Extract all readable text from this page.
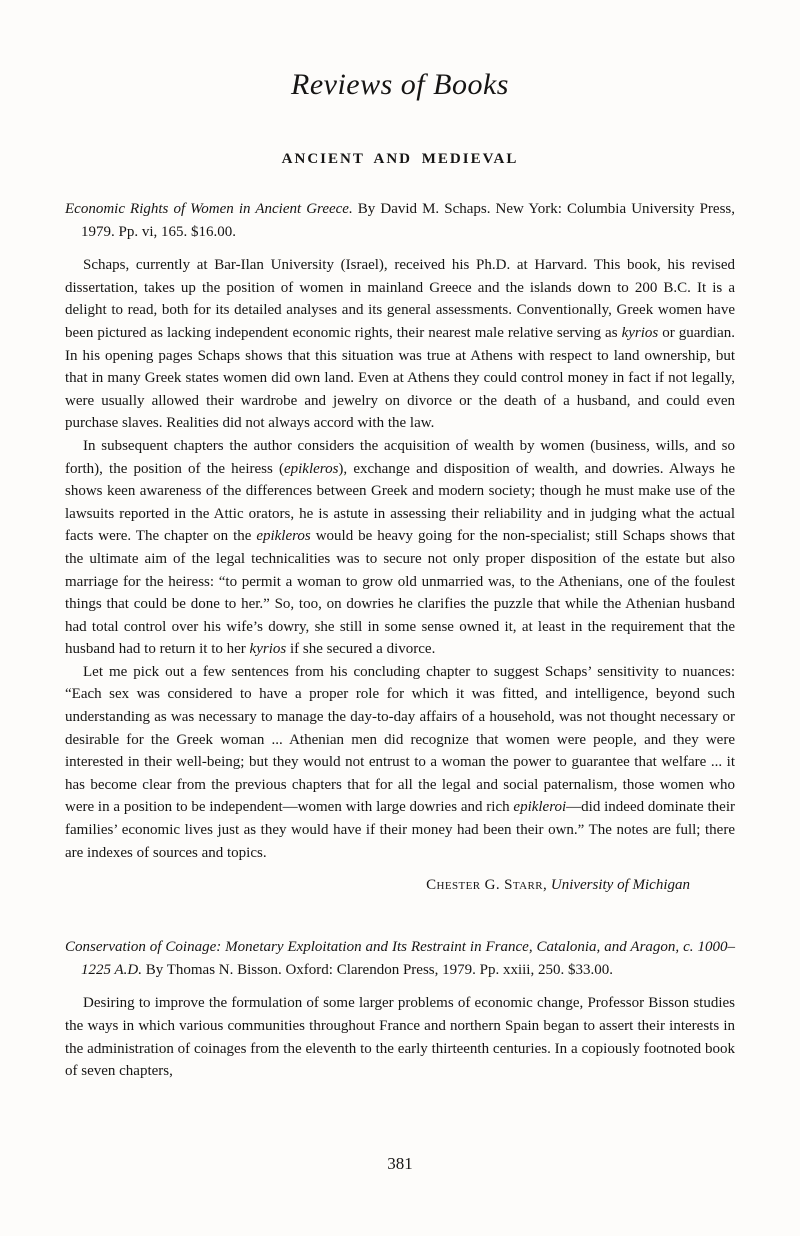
Reviews of Books
ANCIENT AND MEDIEVAL

Economic Rights of Women in Ancient Greece. By David M. Schaps. New York: Columbia University Press, 1979. Pp. vi, 165. $16.00.

Schaps, currently at Bar-Ilan University (Israel), received his Ph.D. at Harvard. This book, his revised dissertation, takes up the position of women in mainland Greece and the islands down to 200 B.C. It is a delight to read, both for its detailed analyses and its general assessments. Conventionally, Greek women have been pictured as lacking independent economic rights, their nearest male relative serving as kyrios or guardian. In his opening pages Schaps shows that this situation was true at Athens with respect to land ownership, but that in many Greek states women did own land. Even at Athens they could control money in fact if not legally, were usually allowed their wardrobe and jewelry on divorce or the death of a husband, and could even purchase slaves. Realities did not always accord with the law.

In subsequent chapters the author considers the acquisition of wealth by women (business, wills, and so forth), the position of the heiress (epikleros), exchange and disposition of wealth, and dowries. Always he shows keen awareness of the differences between Greek and modern society; though he must make use of the lawsuits reported in the Attic orators, he is astute in assessing their reliability and in judging what the actual facts were. The chapter on the epikleros would be heavy going for the non-specialist; still Schaps shows that the ultimate aim of the legal technicalities was to secure not only proper disposition of the estate but also marriage for the heiress: “to permit a woman to grow old unmarried was, to the Athenians, one of the foulest things that could be done to her.” So, too, on dowries he clarifies the puzzle that while the Athenian husband had total control over his wife’s dowry, she still in some sense owned it, at least in the requirement that the husband had to return it to her kyrios if she secured a divorce.

Let me pick out a few sentences from his concluding chapter to suggest Schaps’ sensitivity to nuances: “Each sex was considered to have a proper role for which it was fitted, and intelligence, beyond such understanding as was necessary to manage the day-to-day affairs of a household, was not thought necessary or desirable for the Greek woman ... Athenian men did recognize that women were people, and they were interested in their well-being; but they would not entrust to a woman the power to guarantee that welfare ... it has become clear from the previous chapters that for all the legal and social paternalism, those women who were in a position to be independent—women with large dowries and rich epikleroi—did indeed dominate their families’ economic lives just as they would have if their money had been their own.” The notes are full; there are indexes of sources and topics.

Chester G. Starr, University of Michigan

Conservation of Coinage: Monetary Exploitation and Its Restraint in France, Catalonia, and Aragon, c. 1000–1225 A.D. By Thomas N. Bisson. Oxford: Clarendon Press, 1979. Pp. xxiii, 250. $33.00.

Desiring to improve the formulation of some larger problems of economic change, Professor Bisson studies the ways in which various communities throughout France and northern Spain began to assert their interests in the administration of coinages from the eleventh to the early thirteenth centuries. In a copiously footnoted book of seven chapters,

381
